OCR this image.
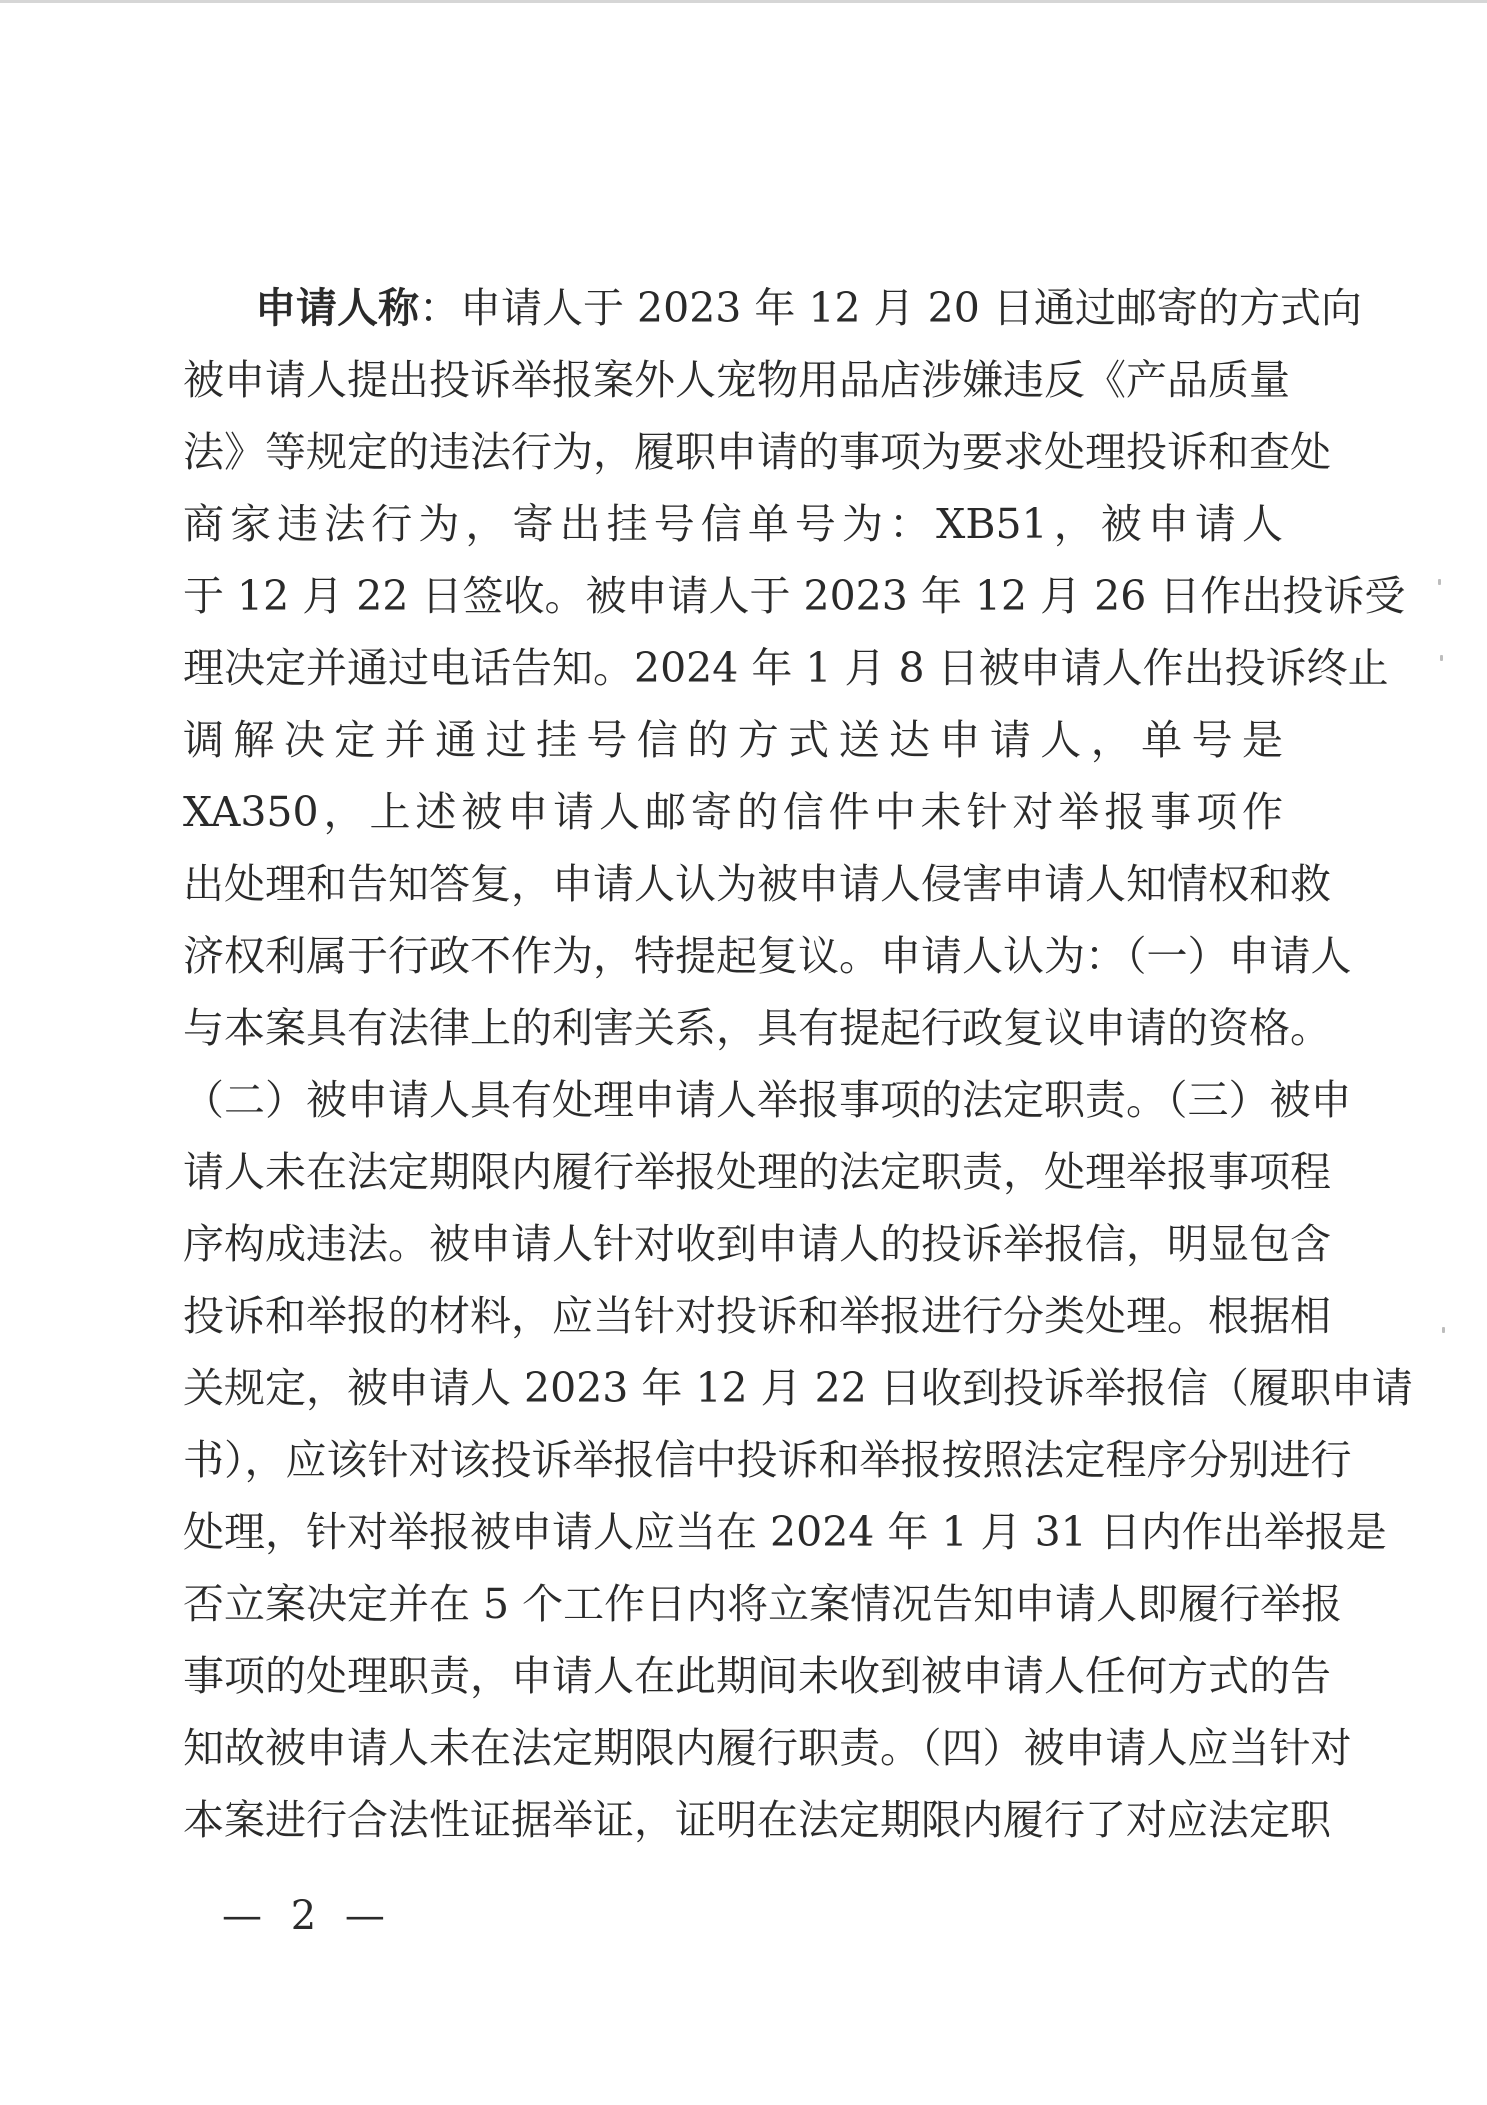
申请人称：申请人于 2023 年 12 月 20 日通过邮寄的方式向
被申请人提出投诉举报案外人宠物用品店涉嫌违反《产品质量
法》等规定的违法行为，履职申请的事项为要求处理投诉和查处
商家违法行为，寄出挂号信单号为：XB51，被申请人
于 12 月 22 日签收。被申请人于 2023 年 12 月 26 日作出投诉受
理决定并通过电话告知。2024 年 1 月 8 日被申请人作出投诉终止
调解决定并通过挂号信的方式送达申请人，单号是
XA350，上述被申请人邮寄的信件中未针对举报事项作
出处理和告知答复，申请人认为被申请人侵害申请人知情权和救
济权利属于行政不作为，特提起复议。申请人认为：（一）申请人
与本案具有法律上的利害关系，具有提起行政复议申请的资格。
（二）被申请人具有处理申请人举报事项的法定职责。（三）被申
请人未在法定期限内履行举报处理的法定职责，处理举报事项程
序构成违法。被申请人针对收到申请人的投诉举报信，明显包含
投诉和举报的材料，应当针对投诉和举报进行分类处理。根据相
关规定，被申请人 2023 年 12 月 22 日收到投诉举报信（履职申请
书），应该针对该投诉举报信中投诉和举报按照法定程序分别进行
处理，针对举报被申请人应当在 2024 年 1 月 31 日内作出举报是
否立案决定并在 5 个工作日内将立案情况告知申请人即履行举报
事项的处理职责，申请人在此期间未收到被申请人任何方式的告
知故被申请人未在法定期限内履行职责。（四）被申请人应当针对
本案进行合法性证据举证，证明在法定期限内履行了对应法定职
— 2 —
